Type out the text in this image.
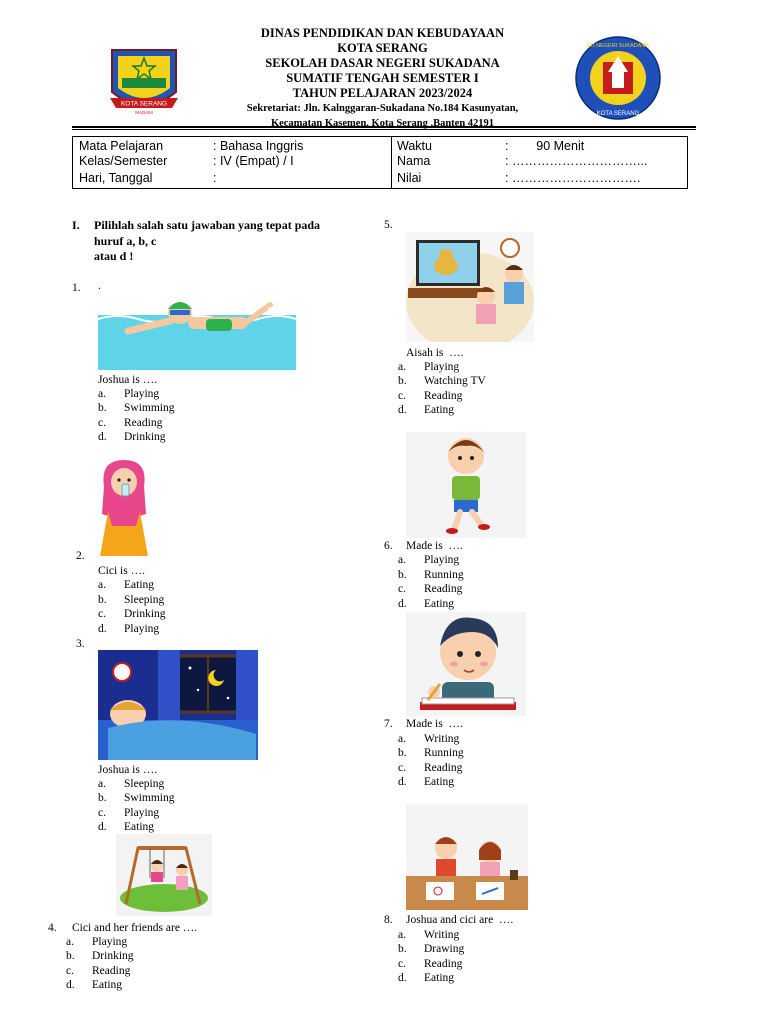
KOTA SERANG
MADANI
DINAS PENDIDIKAN DAN KEBUDAYAAN
KOTA SERANG
SEKOLAH DASAR NEGERI SUKADANA
SUMATIF TENGAH SEMESTER I
TAHUN PELAJARAN 2023/2024
Sekretariat: Jln. Kalnggaran-Sukadana No.184 Kasunyatan,
Kecamatan Kasemen, Kota Serang ,Banten 42191
SD NEGERI SUKADANA
KOTA SERANG
Mata Pelajaran	: Bahasa Inggris
Kelas/Semester	: IV (Empat) / I
Hari, Tanggal	:
Waktu	:        90 Menit
Nama	: …………………………...
Nilai	: ………………………….
I. Pilihlah salah satu jawaban yang tepat pada
huruf a, b, c
atau d !
1. .
Joshua is ….
a. Playing
b. Swimming
c. Reading
d. Drinking
2.
Cici is ….
a. Eating
b. Sleeping
c. Drinking
d. Playing
3.
Joshua is ….
a. Sleeping
b. Swimming
c. Playing
d. Eating
4. Cici and her friends are ….
a. Playing
b. Drinking
c. Reading
d. Eating
5.
Aisah is  ….
a. Playing
b. Watching TV
c. Reading
d. Eating
6. Made is  ….
a. Playing
b. Running
c. Reading
d. Eating
7. Made is  ….
a. Writing
b. Running
c. Reading
d. Eating
8. Joshua and cici are  ….
a. Writing
b. Drawing
c. Reading
d. Eating
